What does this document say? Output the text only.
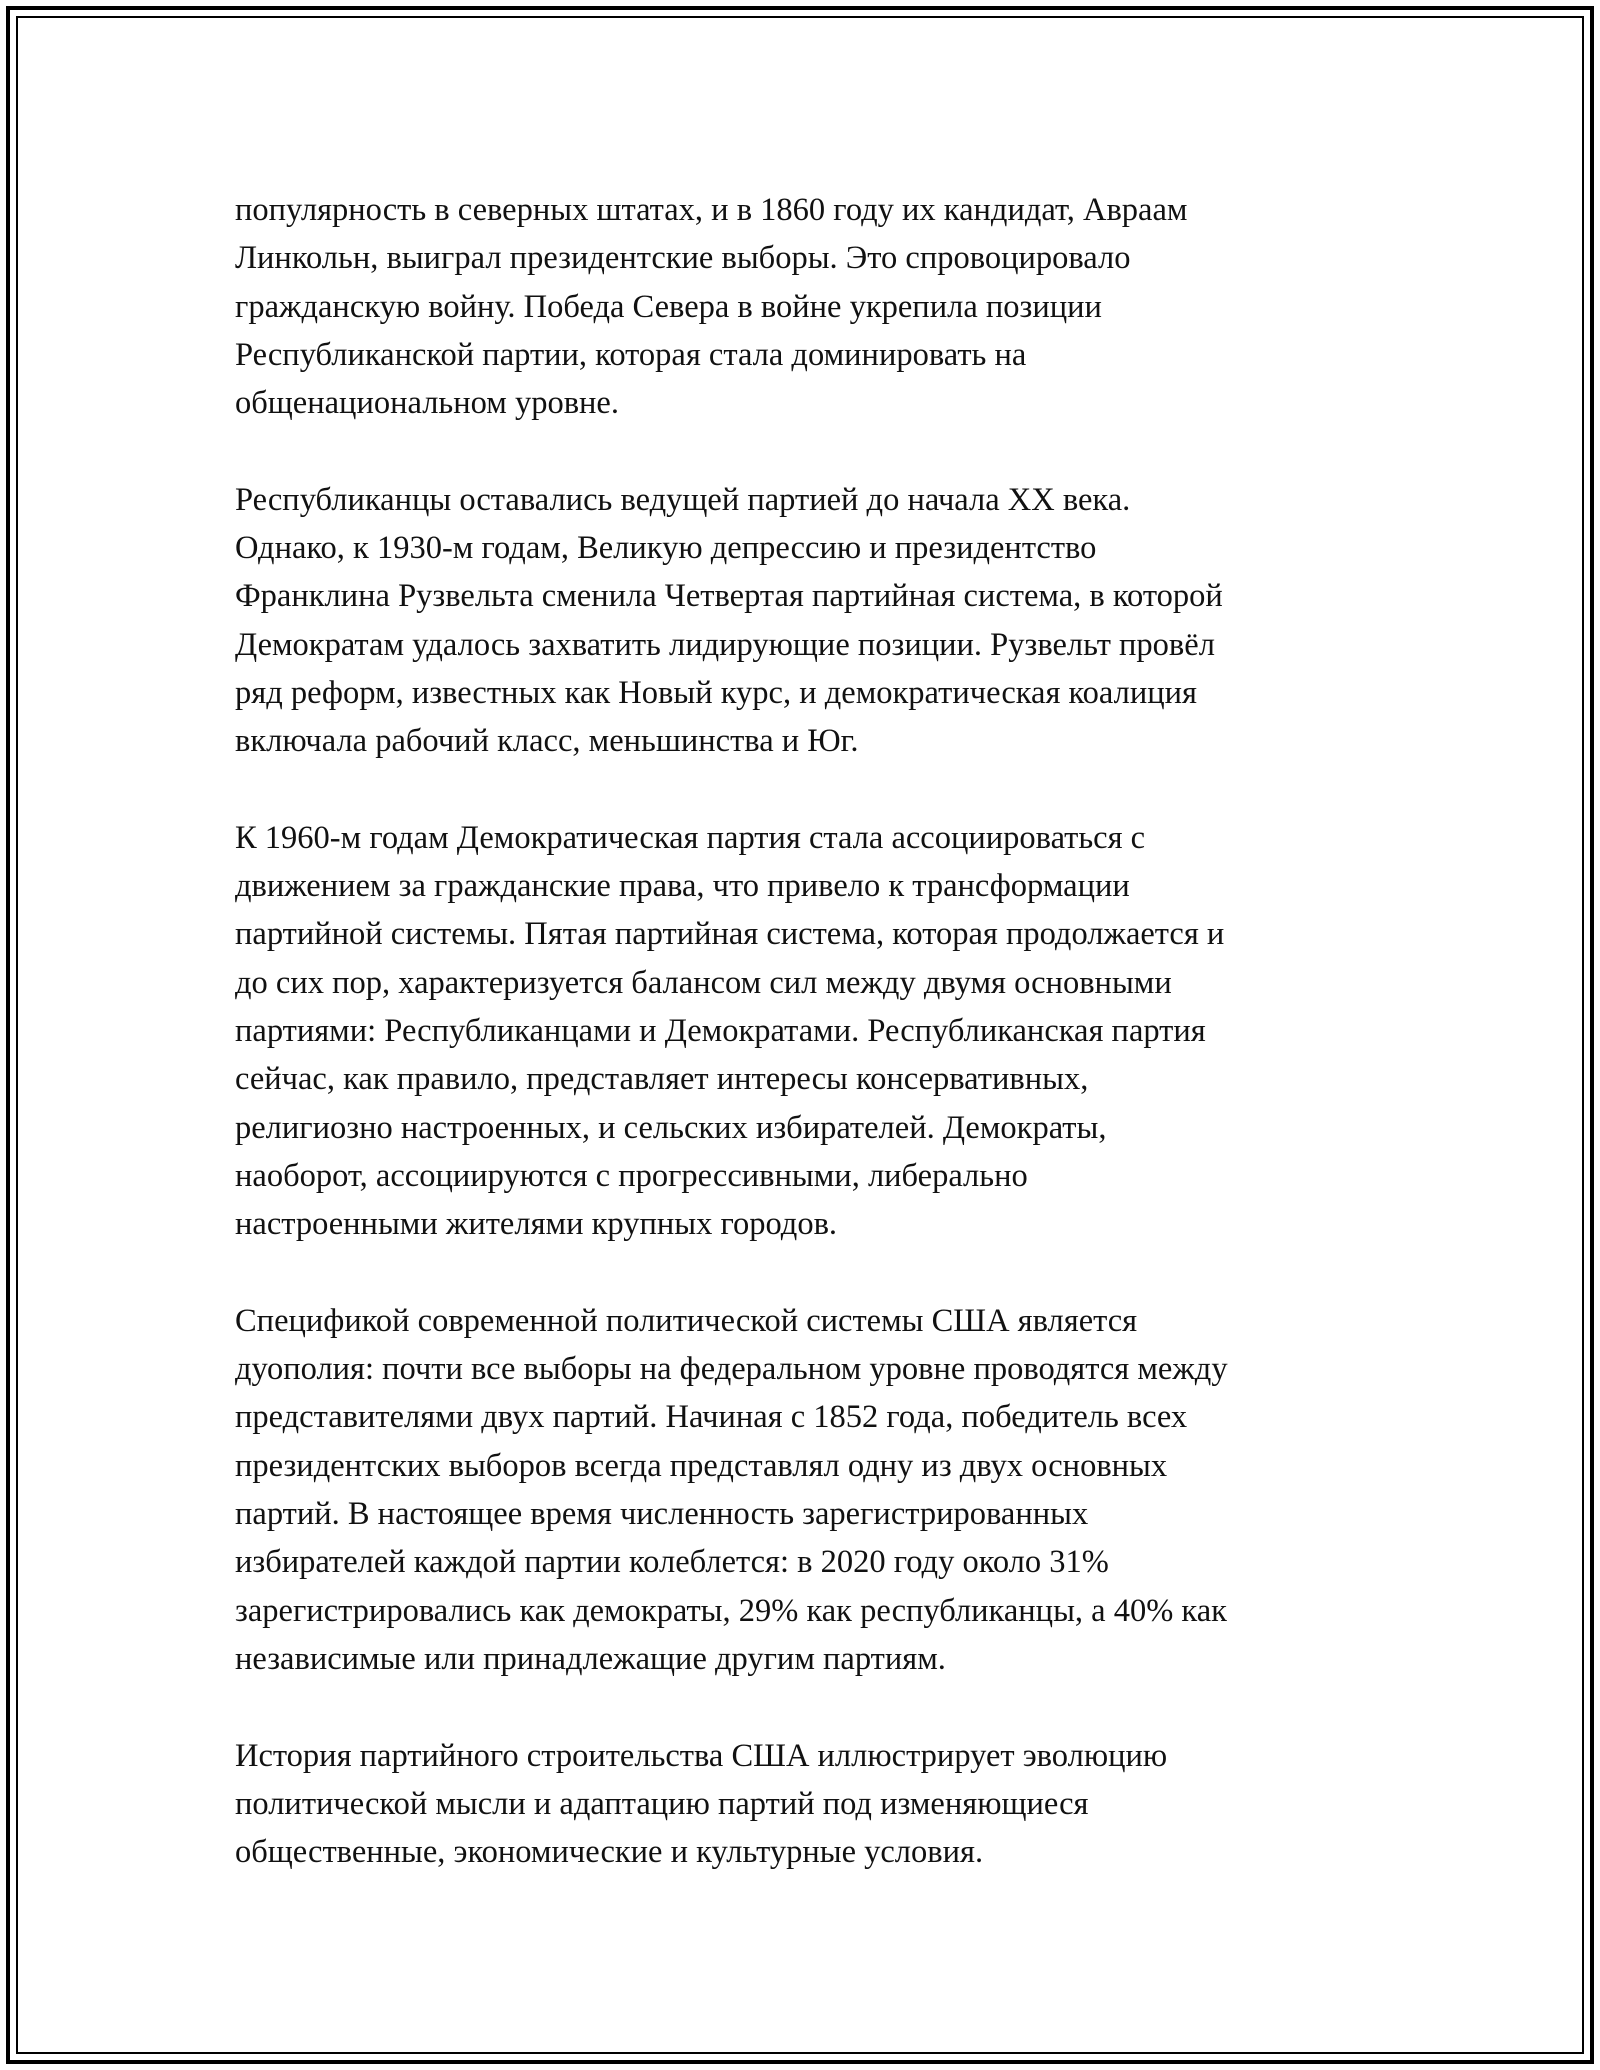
популярность в северных штатах, и в 1860 году их кандидат, Авраам
Линкольн, выиграл президентские выборы. Это спровоцировало
гражданскую войну. Победа Севера в войне укрепила позиции
Республиканской партии, которая стала доминировать на
общенациональном уровне.
Республиканцы оставались ведущей партией до начала XX века.
Однако, к 1930-м годам, Великую депрессию и президентство
Франклина Рузвельта сменила Четвертая партийная система, в которой
Демократам удалось захватить лидирующие позиции. Рузвельт провёл
ряд реформ, известных как Новый курс, и демократическая коалиция
включала рабочий класс, меньшинства и Юг.
К 1960-м годам Демократическая партия стала ассоциироваться с
движением за гражданские права, что привело к трансформации
партийной системы. Пятая партийная система, которая продолжается и
до сих пор, характеризуется балансом сил между двумя основными
партиями: Республиканцами и Демократами. Республиканская партия
сейчас, как правило, представляет интересы консервативных,
религиозно настроенных, и сельских избирателей. Демократы,
наоборот, ассоциируются с прогрессивными, либерально
настроенными жителями крупных городов.
Спецификой современной политической системы США является
дуополия: почти все выборы на федеральном уровне проводятся между
представителями двух партий. Начиная с 1852 года, победитель всех
президентских выборов всегда представлял одну из двух основных
партий. В настоящее время численность зарегистрированных
избирателей каждой партии колеблется: в 2020 году около 31%
зарегистрировались как демократы, 29% как республиканцы, а 40% как
независимые или принадлежащие другим партиям.
История партийного строительства США иллюстрирует эволюцию
политической мысли и адаптацию партий под изменяющиеся
общественные, экономические и культурные условия.
